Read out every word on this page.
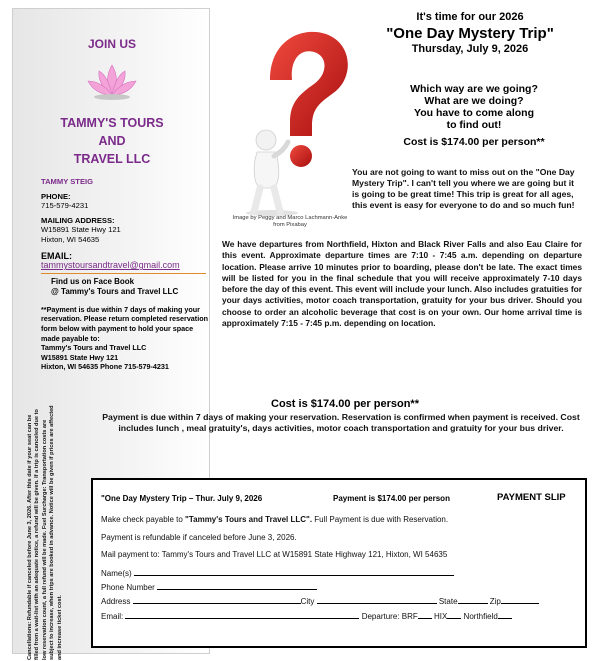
JOIN US
TAMMY'S TOURS
AND
TRAVEL LLC
TAMMY STEIG
PHONE:
715-579-4231
MAILING ADDRESS:
W15891 State Hwy 121
Hixton, WI 54635
EMAIL:
tammystoursandtravel@gmail.com
Find us on Face Book
@ Tammy's Tours and Travel LLC
**Payment is due within 7 days of making your reservation. Please return completed reservation form below with payment to hold your space made payable to:
Tammy's Tours and Travel LLC
W15891 State Hwy 121
Hixton, WI 54635 Phone 715-579-4231
Cancellations: Refundable if canceled before June 3, 2026. After this date if your seat can be filled from a wait-list with an adequate notice, a refund will be given. If a trip is canceled due to low reservation count, a full refund will be made. Fuel Surcharge: Transportation costs are subject to increase, when trips are booked in advance. Notice will be given if prices are affected and increase ticket cost.
Image by Peggy and Marco Lachmann-Anke from Pixabay
It's time for our 2026
"One Day Mystery Trip"
Thursday, July 9, 2026
Which way are we going?
What are we doing?
You have to come along
to find out!
Cost is $174.00 per person**
You are not going to want to miss out on the "One Day Mystery Trip". I can't tell you where we are going but it is going to be great time! This trip is great for all ages, this event is easy for everyone to do and so much fun!
We have departures from Northfield, Hixton and Black River Falls and also Eau Claire for this event. Approximate departure times are 7:10 - 7:45 a.m. depending on departure location. Please arrive 10 minutes prior to boarding, please don't be late. The exact times will be listed for you in the final schedule that you will receive approximately 7-10 days before the day of this event. This event will include your lunch. Also includes gratuities for your days activities, motor coach transportation, gratuity for your bus driver. Should you choose to order an alcoholic beverage that cost is on your own. Our home arrival time is approximately 7:15 - 7:45 p.m. depending on location.
Cost is $174.00 per person**
Payment is due within 7 days of making your reservation. Reservation is confirmed when payment is received. Cost includes lunch , meal gratuity's, days activities, motor coach transportation and gratuity for your bus driver.
"One Day Mystery Trip – Thur. July 9, 2026	Payment is $174.00 per person	PAYMENT SLIP
Make check payable to "Tammy's Tours and Travel LLC". Full Payment is due with Reservation.
Payment is refundable if canceled before June 3, 2026.
Mail payment to: Tammy's Tours and Travel LLC at W15891 State Highway 121, Hixton, WI 54635
Name(s)
Phone Number
Address	City	State	Zip
Email:	Departure: BRF HIX Northfield
